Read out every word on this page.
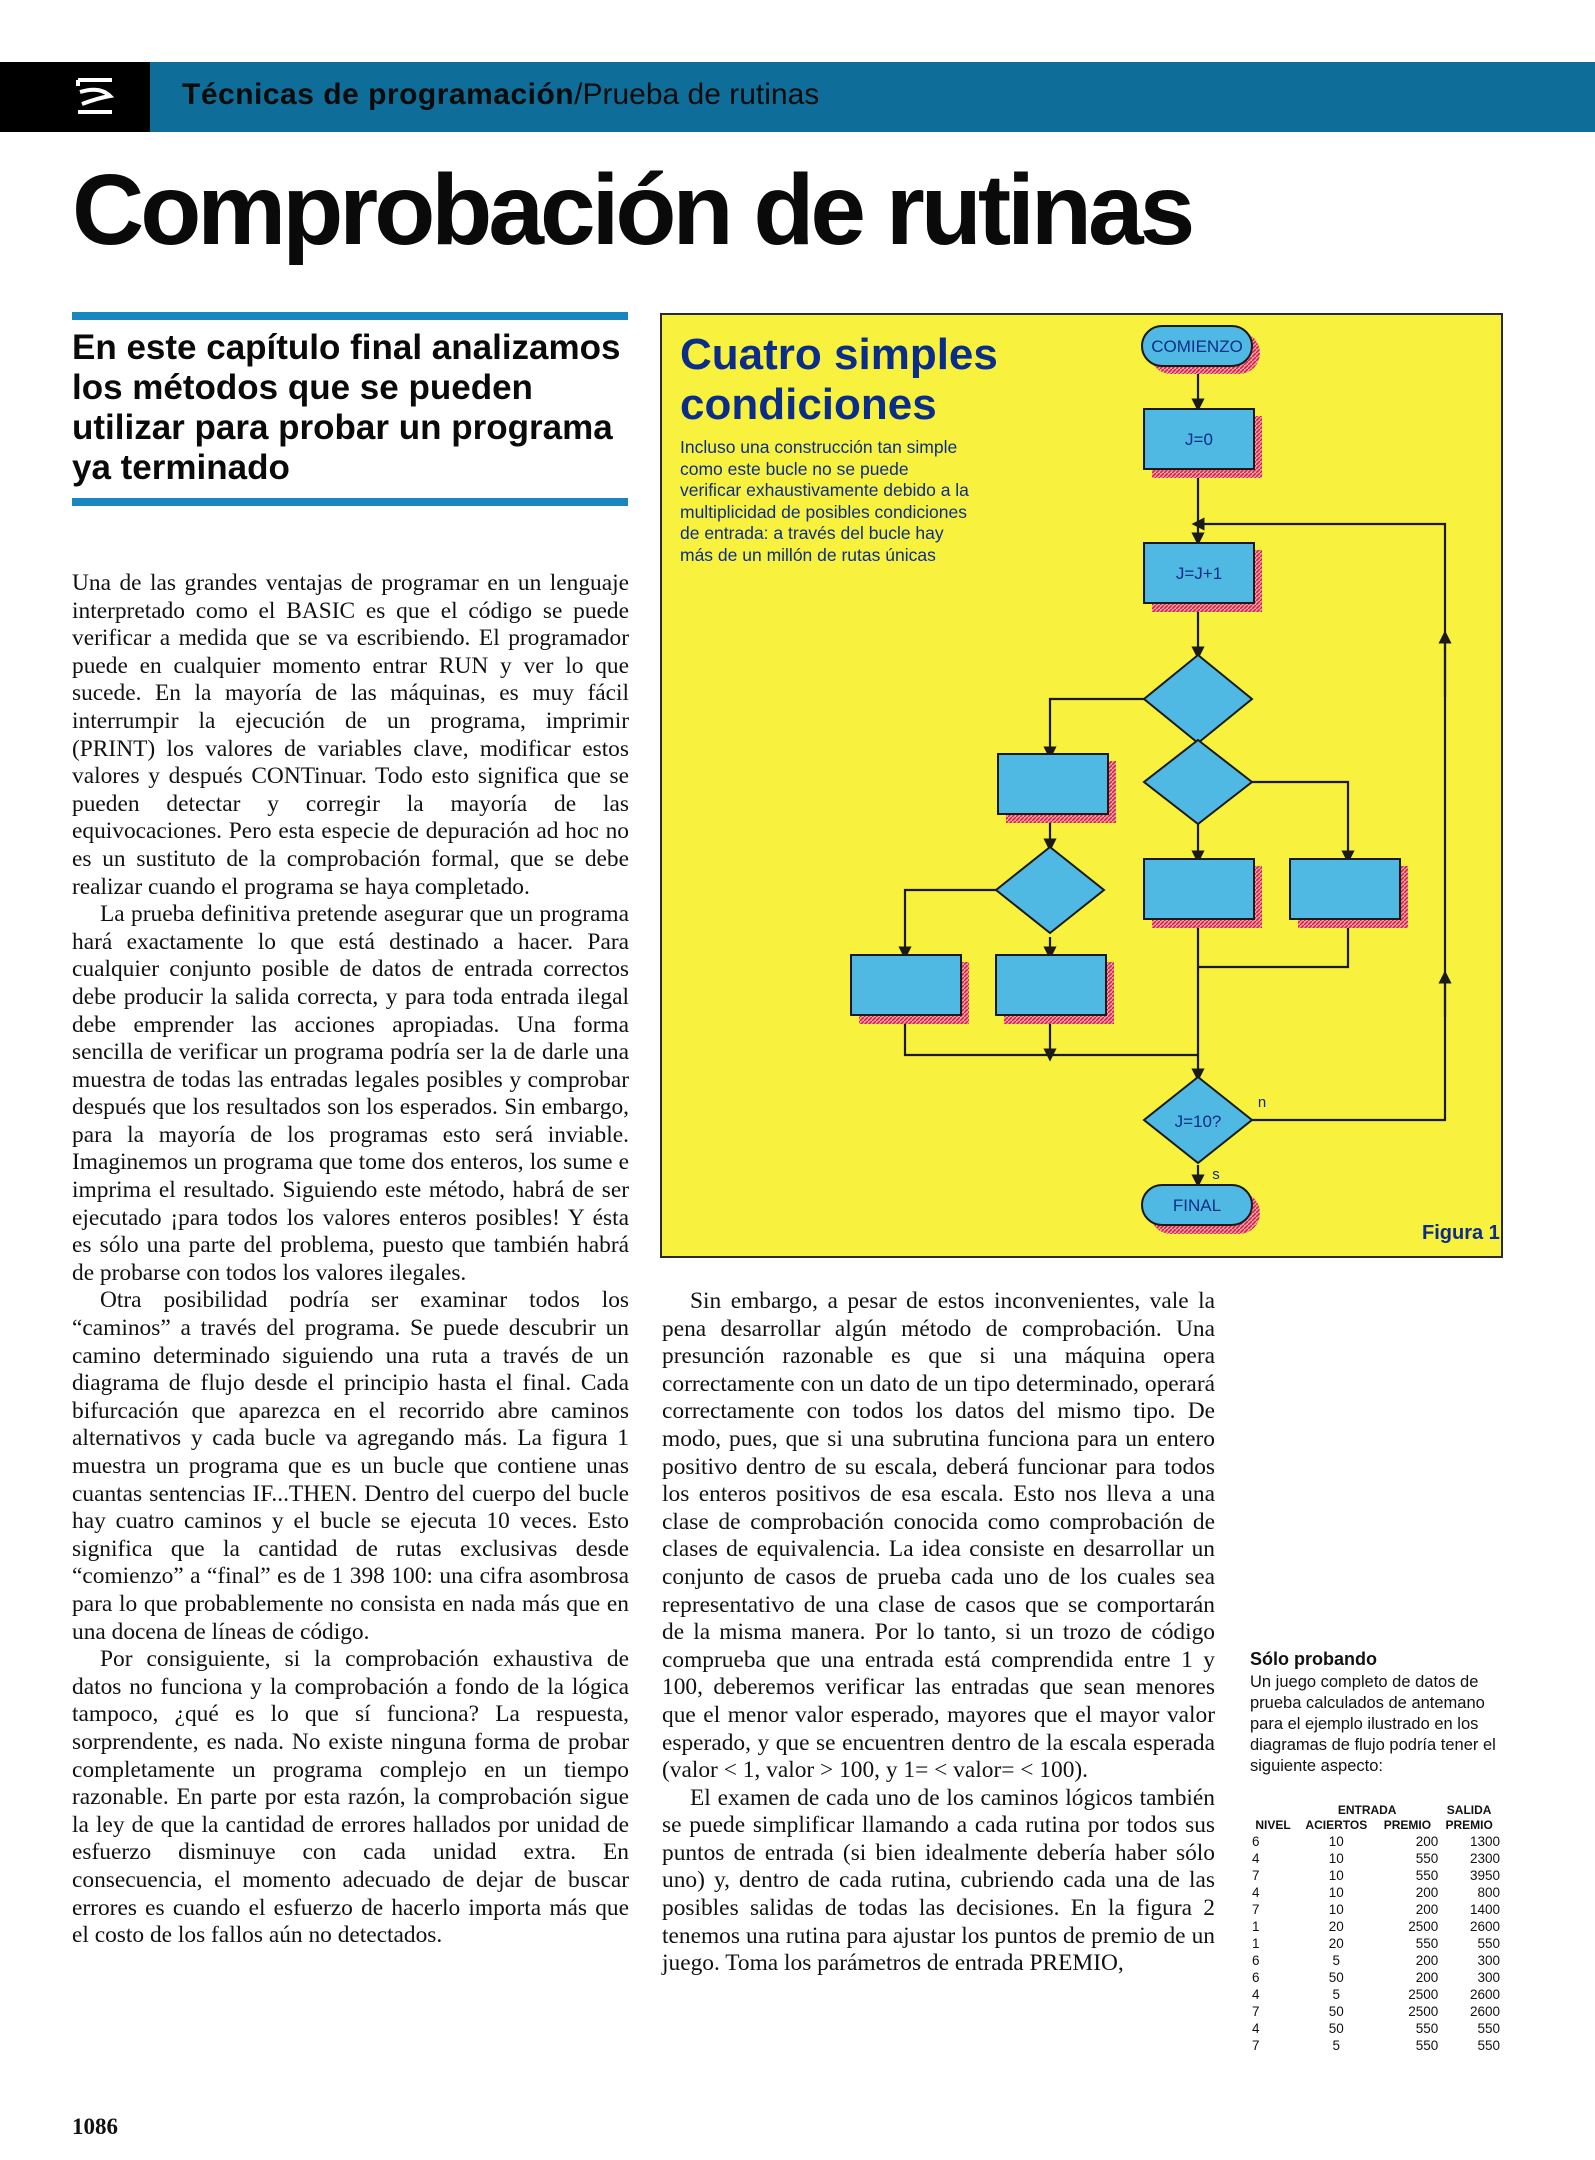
Técnicas de programación/Prueba de rutinas
Comprobación de rutinas
En este capítulo final analizamos los métodos que se pueden utilizar para probar un programa ya terminado

Una de las grandes ventajas de programar en un lenguaje interpretado como el BASIC es que el código se puede verificar a medida que se va escribiendo. El programador puede en cualquier momento entrar RUN y ver lo que sucede. En la mayoría de las máquinas, es muy fácil interrumpir la ejecución de un programa, imprimir (PRINT) los valores de variables clave, modificar estos valores y después CONTinuar. Todo esto significa que se pueden detectar y corregir la mayoría de las equivocaciones. Pero esta especie de depuración ad hoc no es un sustituto de la comprobación formal, que se debe realizar cuando el programa se haya completado.

La prueba definitiva pretende asegurar que un programa hará exactamente lo que está destinado a hacer. Para cualquier conjunto posible de datos de entrada correctos debe producir la salida correcta, y para toda entrada ilegal debe emprender las acciones apropiadas. Una forma sencilla de verificar un programa podría ser la de darle una muestra de todas las entradas legales posibles y comprobar después que los resultados son los esperados. Sin embargo, para la mayoría de los programas esto será inviable. Imaginemos un programa que tome dos enteros, los sume e imprima el resultado. Siguiendo este método, habrá de ser ejecutado ¡para todos los valores enteros posibles! Y ésta es sólo una parte del problema, puesto que también habrá de probarse con todos los valores ilegales.

Otra posibilidad podría ser examinar todos los “caminos” a través del programa. Se puede descubrir un camino determinado siguiendo una ruta a través de un diagrama de flujo desde el principio hasta el final. Cada bifurcación que aparezca en el recorrido abre caminos alternativos y cada bucle va agregando más. La figura 1 muestra un programa que es un bucle que contiene unas cuantas sentencias IF...THEN. Dentro del cuerpo del bucle hay cuatro caminos y el bucle se ejecuta 10 veces. Esto significa que la cantidad de rutas exclusivas desde “comienzo” a “final” es de 1 398 100: una cifra asombrosa para lo que probablemente no consista en nada más que en una docena de líneas de código.

Por consiguiente, si la comprobación exhaustiva de datos no funciona y la comprobación a fondo de la lógica tampoco, ¿qué es lo que sí funciona? La respuesta, sorprendente, es nada. No existe ninguna forma de probar completamente un programa complejo en un tiempo razonable. En parte por esta razón, la comprobación sigue la ley de que la cantidad de errores hallados por unidad de esfuerzo disminuye con cada unidad extra. En consecuencia, el momento adecuado de dejar de buscar errores es cuando el esfuerzo de hacerlo importa más que el costo de los fallos aún no detectados.

Cuatro simples
condiciones
Incluso una construcción tan simple como este bucle no se puede verificar exhaustivamente debido a la multiplicidad de posibles condiciones de entrada: a través del bucle hay más de un millón de rutas únicas
COMIENZO
J=0
J=J+1
J=10?
FINAL
n
s
Figura 1

Sin embargo, a pesar de estos inconvenientes, vale la pena desarrollar algún método de comprobación. Una presunción razonable es que si una máquina opera correctamente con un dato de un tipo determinado, operará correctamente con todos los datos del mismo tipo. De modo, pues, que si una subrutina funciona para un entero positivo dentro de su escala, deberá funcionar para todos los enteros positivos de esa escala. Esto nos lleva a una clase de comprobación conocida como comprobación de clases de equivalencia. La idea consiste en desarrollar un conjunto de casos de prueba cada uno de los cuales sea representativo de una clase de casos que se comportarán de la misma manera. Por lo tanto, si un trozo de código comprueba que una entrada está comprendida entre 1 y 100, deberemos verificar las entradas que sean menores que el menor valor esperado, mayores que el mayor valor esperado, y que se encuentren dentro de la escala esperada (valor < 1, valor > 100, y 1= < valor= < 100).

El examen de cada uno de los caminos lógicos también se puede simplificar llamando a cada rutina por todos sus puntos de entrada (si bien idealmente debería haber sólo uno) y, dentro de cada rutina, cubriendo cada una de las posibles salidas de todas las decisiones. En la figura 2 tenemos una rutina para ajustar los puntos de premio de un juego. Toma los parámetros de entrada PREMIO,

Sólo probando
Un juego completo de datos de prueba calculados de antemano para el ejemplo ilustrado en los diagramas de flujo podría tener el siguiente aspecto:
	ENTRADA		SALIDA
NIVEL	ACIERTOS	PREMIO	PREMIO
6	10	200	1300
4	10	550	2300
7	10	550	3950
4	10	200	800
7	10	200	1400
1	20	2500	2600
1	20	550	550
6	5	200	300
6	50	200	300
4	5	2500	2600
7	50	2500	2600
4	50	550	550
7	5	550	550
1086
